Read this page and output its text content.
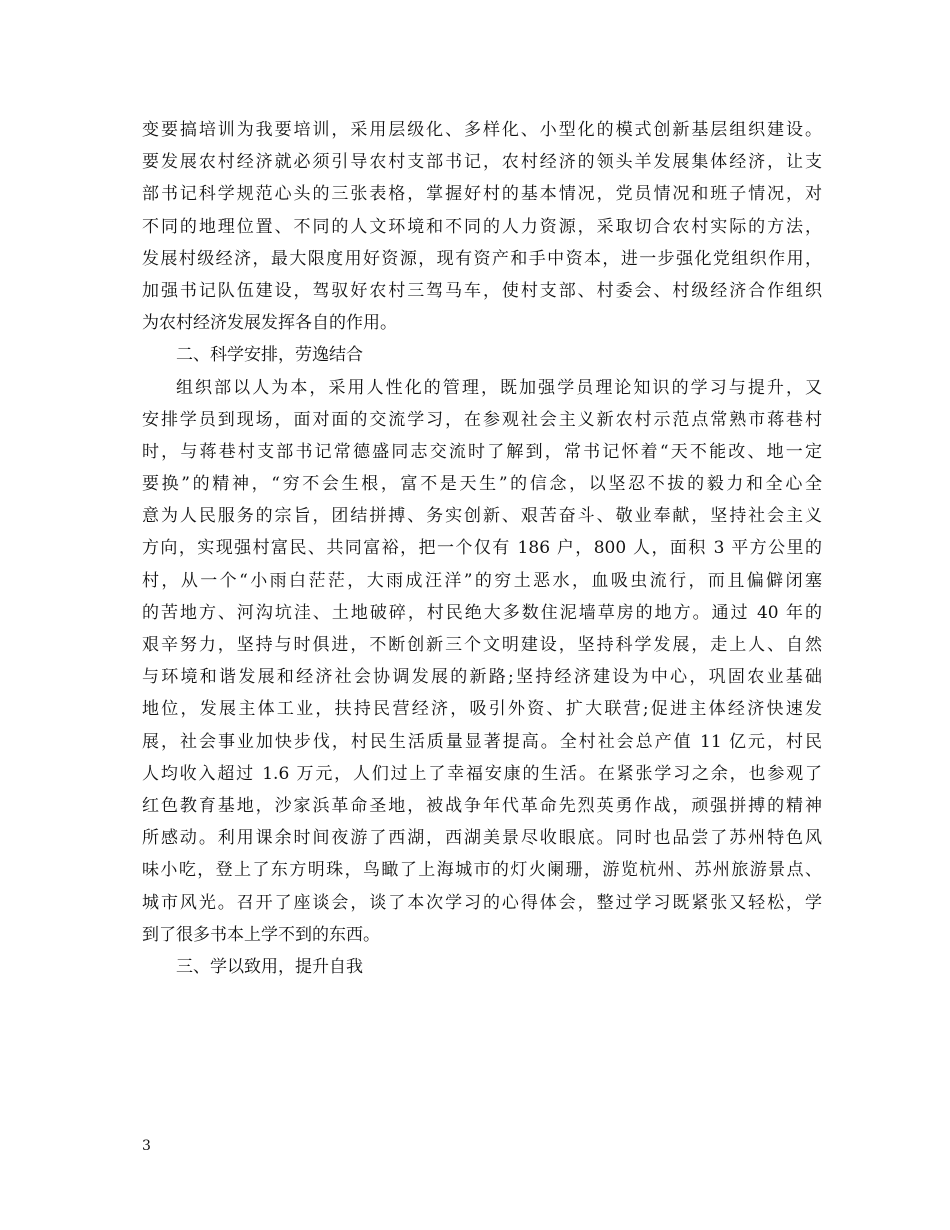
变要搞培训为我要培训，采用层级化、多样化、小型化的模式创新基层组织建设。
要发展农村经济就必须引导农村支部书记，农村经济的领头羊发展集体经济，让支
部书记科学规范心头的三张表格，掌握好村的基本情况，党员情况和班子情况，对
不同的地理位置、不同的人文环境和不同的人力资源，采取切合农村实际的方法，
发展村级经济，最大限度用好资源，现有资产和手中资本，进一步强化党组织作用，
加强书记队伍建设，驾驭好农村三驾马车，使村支部、村委会、村级经济合作组织
为农村经济发展发挥各自的作用。
二、科学安排，劳逸结合
组织部以人为本，采用人性化的管理，既加强学员理论知识的学习与提升，又
安排学员到现场，面对面的交流学习，在参观社会主义新农村示范点常熟市蒋巷村
时，与蒋巷村支部书记常德盛同志交流时了解到，常书记怀着“天不能改、地一定
要换”的精神，“穷不会生根，富不是天生”的信念，以坚忍不拔的毅力和全心全
意为人民服务的宗旨，团结拼搏、务实创新、艰苦奋斗、敬业奉献，坚持社会主义
方向，实现强村富民、共同富裕，把一个仅有 186 户，800 人，面积 3 平方公里的
村，从一个“小雨白茫茫，大雨成汪洋”的穷土恶水，血吸虫流行，而且偏僻闭塞
的苦地方、河沟坑洼、土地破碎，村民绝大多数住泥墙草房的地方。通过 40 年的
艰辛努力，坚持与时俱进，不断创新三个文明建设，坚持科学发展，走上人、自然
与环境和谐发展和经济社会协调发展的新路;坚持经济建设为中心，巩固农业基础
地位，发展主体工业，扶持民营经济，吸引外资、扩大联营;促进主体经济快速发
展，社会事业加快步伐，村民生活质量显著提高。全村社会总产值 11 亿元，村民
人均收入超过 1.6 万元，人们过上了幸福安康的生活。在紧张学习之余，也参观了
红色教育基地，沙家浜革命圣地，被战争年代革命先烈英勇作战，顽强拼搏的精神
所感动。利用课余时间夜游了西湖，西湖美景尽收眼底。同时也品尝了苏州特色风
味小吃，登上了东方明珠，鸟瞰了上海城市的灯火阑珊，游览杭州、苏州旅游景点、
城市风光。召开了座谈会，谈了本次学习的心得体会，整过学习既紧张又轻松，学
到了很多书本上学不到的东西。
三、学以致用，提升自我
3
